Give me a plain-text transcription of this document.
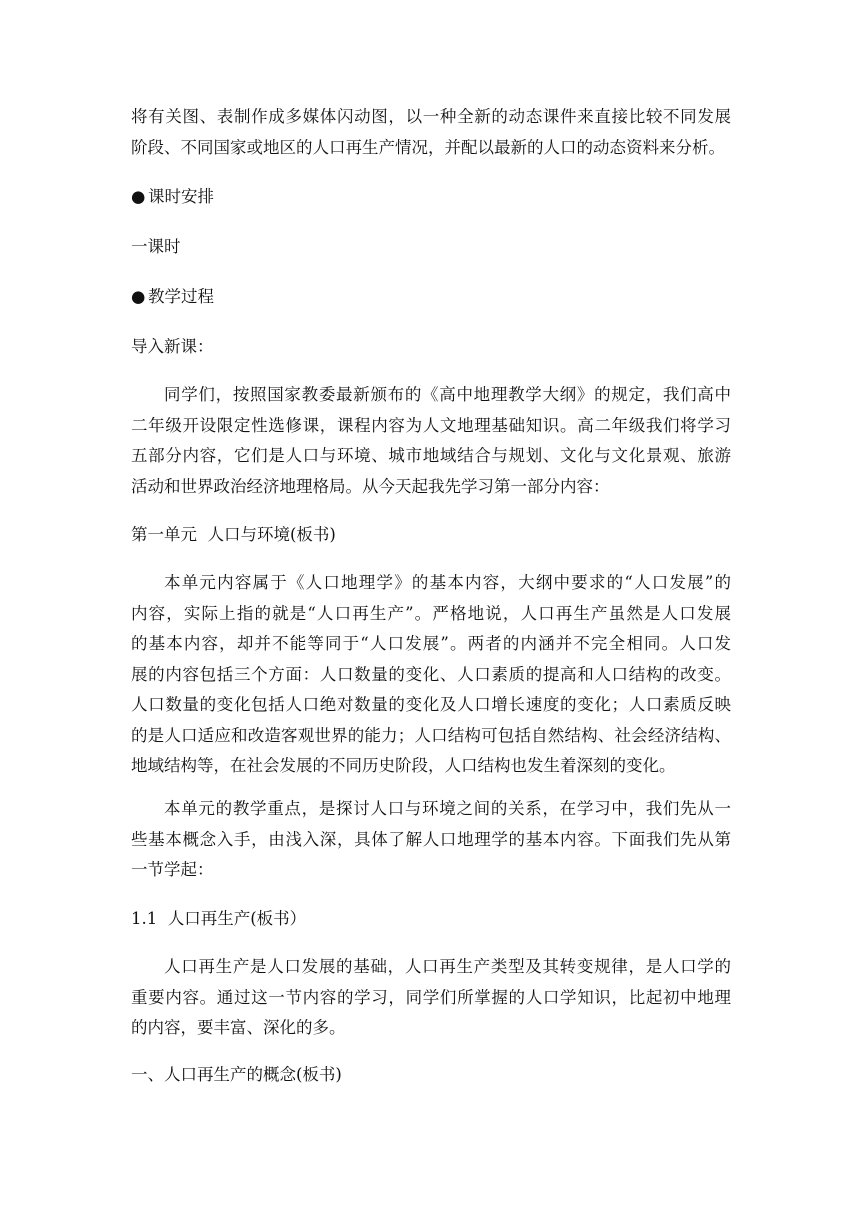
将有关图、表制作成多媒体闪动图，以一种全新的动态课件来直接比较不同发展
阶段、不同国家或地区的人口再生产情况，并配以最新的人口的动态资料来分析。
● 课时安排
一课时
● 教学过程
导入新课：
同学们，按照国家教委最新颁布的《高中地理教学大纲》的规定，我们高中
二年级开设限定性选修课，课程内容为人文地理基础知识。高二年级我们将学习
五部分内容，它们是人口与环境、城市地域结合与规划、文化与文化景观、旅游
活动和世界政治经济地理格局。从今天起我先学习第一部分内容：
第一单元  人口与环境(板书)
本单元内容属于《人口地理学》的基本内容，大纲中要求的“人口发展”的
内容，实际上指的就是“人口再生产”。严格地说，人口再生产虽然是人口发展
的基本内容，却并不能等同于“人口发展”。两者的内涵并不完全相同。人口发
展的内容包括三个方面：人口数量的变化、人口素质的提高和人口结构的改变。
人口数量的变化包括人口绝对数量的变化及人口增长速度的变化；人口素质反映
的是人口适应和改造客观世界的能力；人口结构可包括自然结构、社会经济结构、
地域结构等，在社会发展的不同历史阶段，人口结构也发生着深刻的变化。
本单元的教学重点，是探讨人口与环境之间的关系，在学习中，我们先从一
些基本概念入手，由浅入深，具体了解人口地理学的基本内容。下面我们先从第
一节学起：
1.1  人口再生产(板书）
人口再生产是人口发展的基础，人口再生产类型及其转变规律，是人口学的
重要内容。通过这一节内容的学习，同学们所掌握的人口学知识，比起初中地理
的内容，要丰富、深化的多。
一、人口再生产的概念(板书)
